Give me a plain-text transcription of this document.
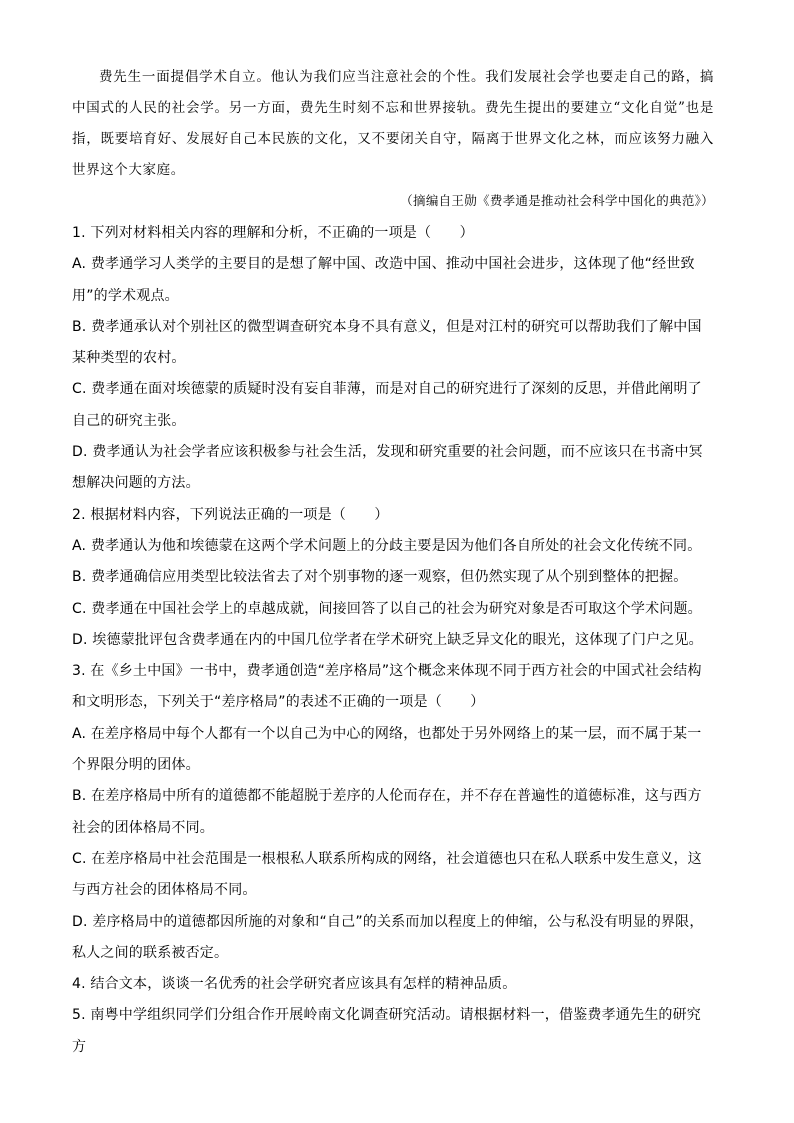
费先生一面提倡学术自立。他认为我们应当注意社会的个性。我们发展社会学也要走自己的路，搞中国式的人民的社会学。另一方面，费先生时刻不忘和世界接轨。费先生提出的要建立“文化自觉”也是指，既要培育好、发展好自己本民族的文化，又不要闭关自守，隔离于世界文化之林，而应该努力融入世界这个大家庭。

（摘编自王勋《费孝通是推动社会科学中国化的典范》）

1. 下列对材料相关内容的理解和分析，不正确的一项是（　　）

A. 费孝通学习人类学的主要目的是想了解中国、改造中国、推动中国社会进步，这体现了他“经世致用”的学术观点。

B. 费孝通承认对个别社区的微型调查研究本身不具有意义，但是对江村的研究可以帮助我们了解中国某种类型的农村。

C. 费孝通在面对埃德蒙的质疑时没有妄自菲薄，而是对自己的研究进行了深刻的反思，并借此阐明了自己的研究主张。

D. 费孝通认为社会学者应该积极参与社会生活，发现和研究重要的社会问题，而不应该只在书斋中冥想解决问题的方法。

2. 根据材料内容，下列说法正确的一项是（　　）

A. 费孝通认为他和埃德蒙在这两个学术问题上的分歧主要是因为他们各自所处的社会文化传统不同。

B. 费孝通确信应用类型比较法省去了对个别事物的逐一观察，但仍然实现了从个别到整体的把握。

C. 费孝通在中国社会学上的卓越成就，间接回答了以自己的社会为研究对象是否可取这个学术问题。

D. 埃德蒙批评包含费孝通在内的中国几位学者在学术研究上缺乏异文化的眼光，这体现了门户之见。

3. 在《乡土中国》一书中，费孝通创造“差序格局”这个概念来体现不同于西方社会的中国式社会结构和文明形态，下列关于“差序格局”的表述不正确的一项是（　　）

A. 在差序格局中每个人都有一个以自己为中心的网络，也都处于另外网络上的某一层，而不属于某一个界限分明的团体。

B. 在差序格局中所有的道德都不能超脱于差序的人伦而存在，并不存在普遍性的道德标准，这与西方社会的团体格局不同。

C. 在差序格局中社会范围是一根根私人联系所构成的网络，社会道德也只在私人联系中发生意义，这与西方社会的团体格局不同。

D. 差序格局中的道德都因所施的对象和“自己”的关系而加以程度上的伸缩，公与私没有明显的界限，私人之间的联系被否定。

4. 结合文本，谈谈一名优秀的社会学研究者应该具有怎样的精神品质。

5. 南粤中学组织同学们分组合作开展岭南文化调查研究活动。请根据材料一，借鉴费孝通先生的研究方
